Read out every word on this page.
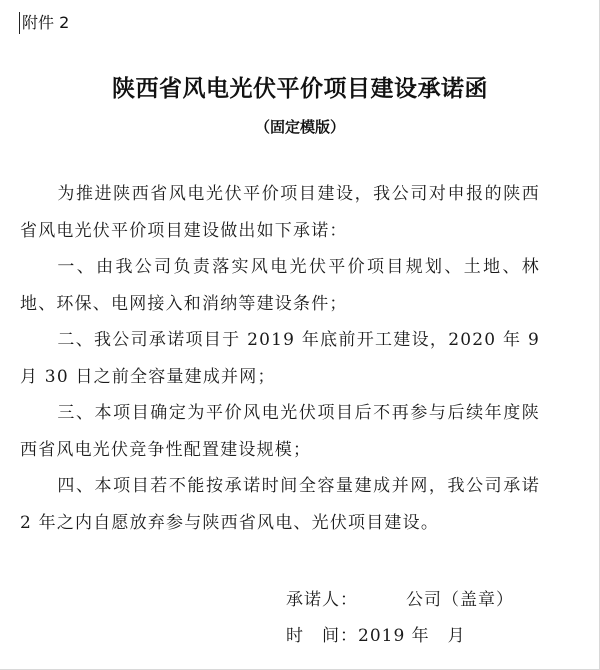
附件 2
陕西省风电光伏平价项目建设承诺函
（固定模版）

为推进陕西省风电光伏平价项目建设，我公司对申报的陕西省风电光伏平价项目建设做出如下承诺：

一、由我公司负责落实风电光伏平价项目规划、土地、林地、环保、电网接入和消纳等建设条件；

二、我公司承诺项目于 2019 年底前开工建设，2020 年 9 月 30 日之前全容量建成并网；

三、本项目确定为平价风电光伏项目后不再参与后续年度陕西省风电光伏竞争性配置建设规模；

四、本项目若不能按承诺时间全容量建成并网，我公司承诺 2 年之内自愿放弃参与陕西省风电、光伏项目建设。

承诺人：	公司（盖章）
时　间：2019 年　月
